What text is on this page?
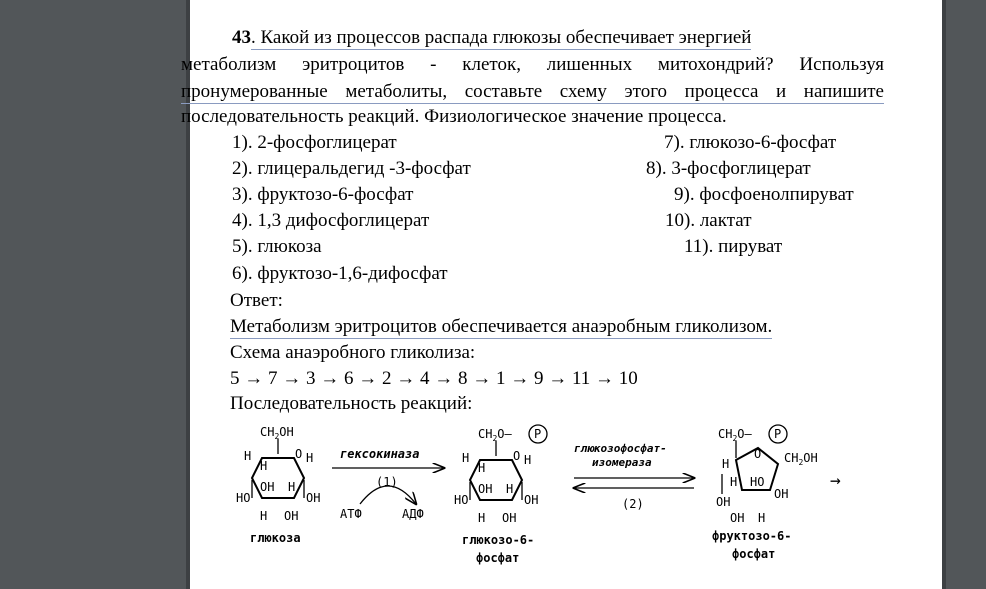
43. Какой из процессов распада глюкозы обеспечивает энергией
метаболизм эритроцитов - клеток, лишенных митохондрий? Используя
пронумерованные метаболиты, составьте схему этого процесса и напишите
последовательность реакций. Физиологическое значение процесса.
1). 2-фосфоглицерат
2). глицеральдегид -3-фосфат
3). фруктозо-6-фосфат
4). 1,3 дифосфоглицерат
5). глюкоза
6). фруктозо-1,6-дифосфат
7). глюкозо-6-фосфат
8). 3-фосфоглицерат
9). фосфоенолпируват
10). лактат
11). пируват
Ответ:
Метаболизм эритроцитов обеспечивается анаэробным гликолизом.
Схема анаэробного гликолиза:
5 → 7 → 3 → 6 → 2 → 4 → 8 → 1 → 9 → 11 → 10
Последовательность реакций:
$CH_2OH$
O
H
H
H
OH H
HO	OH
H OH
глюкоза
гексокиназа
(1)
АТФ	АДФ
$CH_2O—$ P
O
H
H
H
OH H
HO	OH
H OH
глюкозо-6-
фосфат
глюкозофосфат-
изомераза
(2)
$CH_2O—$ P
O $CH_2OH$
H
H HO
OH
OH
OH H
фруктозо-6-
фосфат
→
